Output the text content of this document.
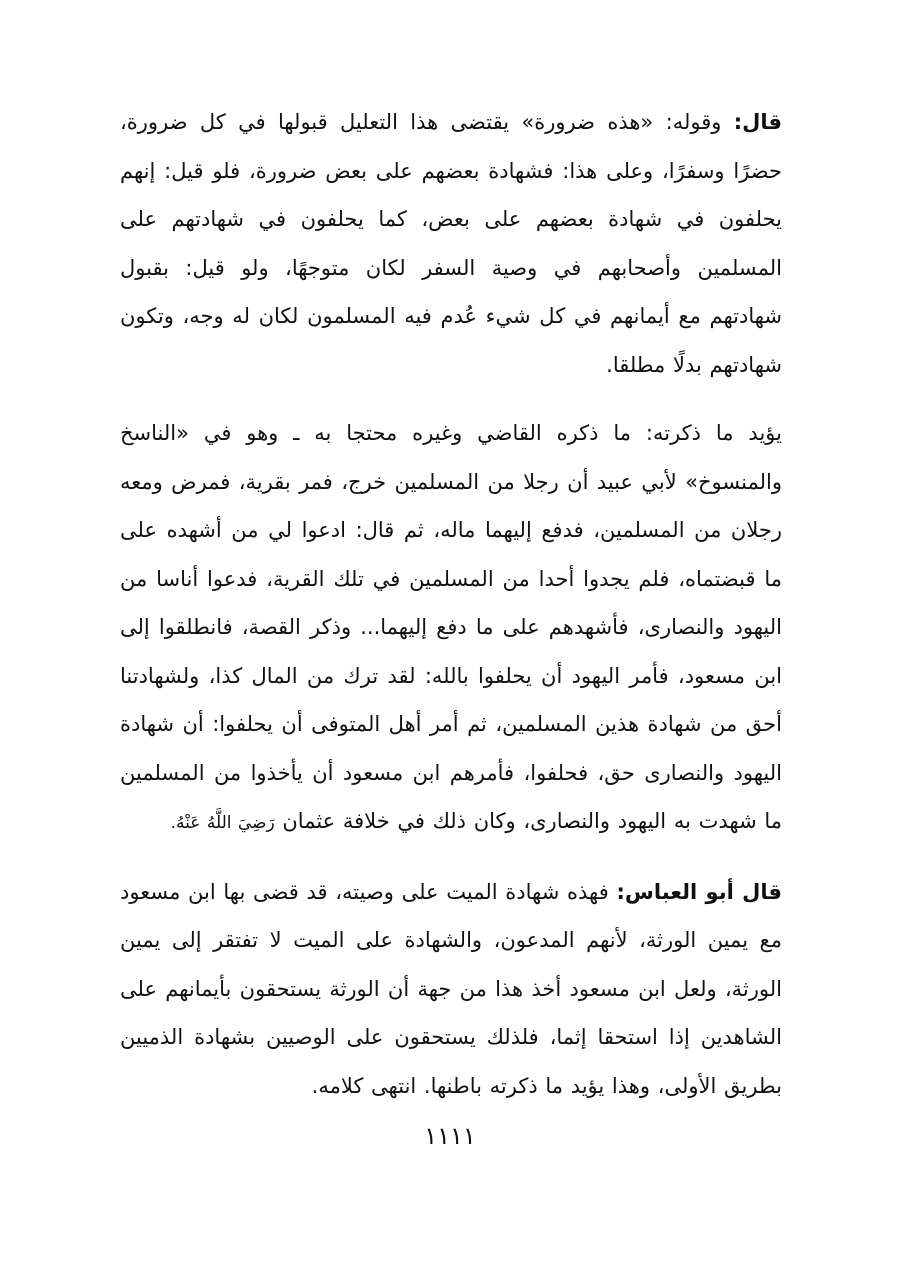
قال: وقوله: «هذه ضرورة» يقتضى هذا التعليل قبولها في كل ضرورة، حضرًا وسفرًا، وعلى هذا: فشهادة بعضهم على بعض ضرورة، فلو قيل: إنهم يحلفون في شهادة بعضهم على بعض، كما يحلفون في شهادتهم على المسلمين وأصحابهم في وصية السفر لكان متوجهًا، ولو قيل: بقبول شهادتهم مع أيمانهم في كل شيء عُدم فيه المسلمون لكان له وجه، وتكون شهادتهم بدلًا مطلقا.

يؤيد ما ذكرته: ما ذكره القاضي وغيره محتجا به ـ وهو في «الناسخ والمنسوخ» لأبي عبيد أن رجلا من المسلمين خرج، فمر بقرية، فمرض ومعه رجلان من المسلمين، فدفع إليهما ماله، ثم قال: ادعوا لي من أشهده على ما قبضتماه، فلم يجدوا أحدا من المسلمين في تلك القرية، فدعوا أناسا من اليهود والنصارى، فأشهدهم على ما دفع إليهما... وذكر القصة، فانطلقوا إلى ابن مسعود، فأمر اليهود أن يحلفوا بالله: لقد ترك من المال كذا، ولشهادتنا أحق من شهادة هذين المسلمين، ثم أمر أهل المتوفى أن يحلفوا: أن شهادة اليهود والنصارى حق، فحلفوا، فأمرهم ابن مسعود أن يأخذوا من المسلمين ما شهدت به اليهود والنصارى، وكان ذلك في خلافة عثمان رَضِيَ اللَّهُ عَنْهُ.

قال أبو العباس: فهذه شهادة الميت على وصيته، قد قضى بها ابن مسعود مع يمين الورثة، لأنهم المدعون، والشهادة على الميت لا تفتقر إلى يمين الورثة، ولعل ابن مسعود أخذ هذا من جهة أن الورثة يستحقون بأيمانهم على الشاهدين إذا استحقا إثما، فلذلك يستحقون على الوصيين بشهادة الذميين بطريق الأولى، وهذا يؤيد ما ذكرته باطنها. انتهى كلامه.

١١١١
